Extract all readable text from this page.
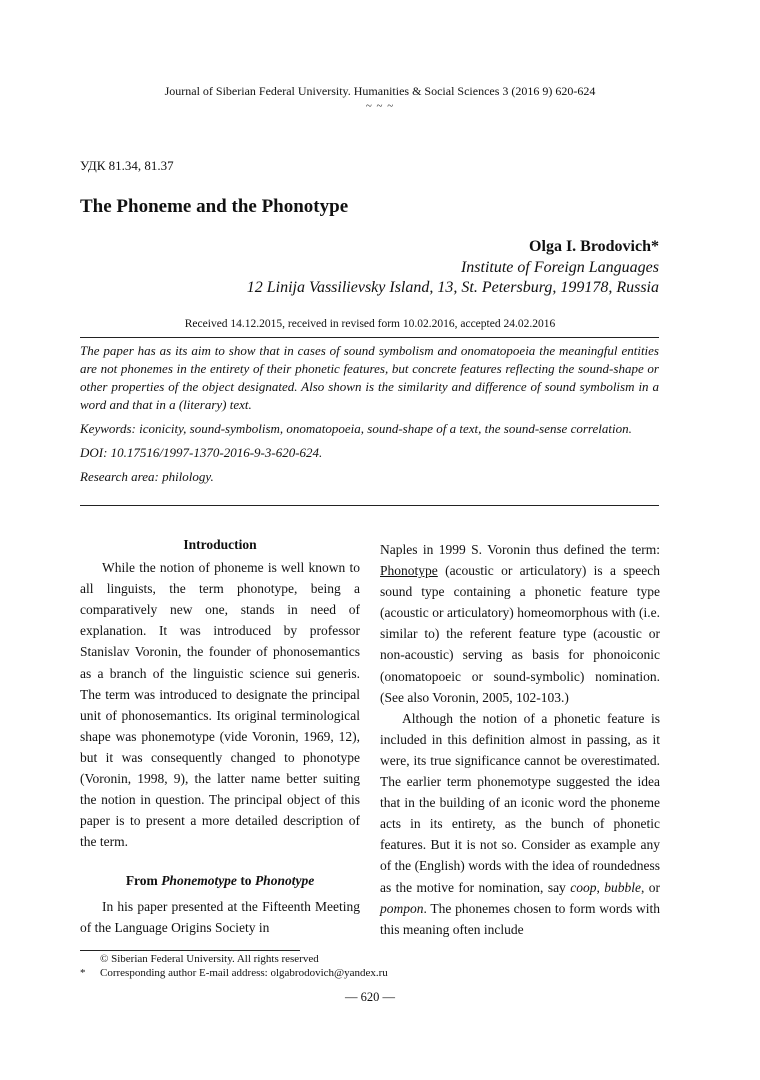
Journal of Siberian Federal University. Humanities & Social Sciences 3 (2016 9) 620-624
~ ~ ~
УДК 81.34, 81.37
The Phoneme and the Phonotype
Olga I. Brodovich*
Institute of Foreign Languages
12 Linija Vassilievsky Island, 13, St. Petersburg, 199178, Russia
Received 14.12.2015, received in revised form 10.02.2016, accepted 24.02.2016

The paper has as its aim to show that in cases of sound symbolism and onomatopoeia the meaningful entities are not phonemes in the entirety of their phonetic features, but concrete features reflecting the sound-shape or other properties of the object designated. Also shown is the similarity and difference of sound symbolism in a word and that in a (literary) text.

Keywords: iconicity, sound-symbolism, onomatopoeia, sound-shape of a text, the sound-sense correlation.

DOI: 10.17516/1997-1370-2016-9-3-620-624.

Research area: philology.

Introduction

While the notion of phoneme is well known to all linguists, the term phonotype, being a comparatively new one, stands in need of explanation. It was introduced by professor Stanislav Voronin, the founder of phonosemantics as a branch of the linguistic science sui generis. The term was introduced to designate the principal unit of phonosemantics. Its original terminological shape was phonemotype (vide Voronin, 1969, 12), but it was consequently changed to phonotype (Voronin, 1998, 9), the latter name better suiting the notion in question. The principal object of this paper is to present a more detailed description of the term.

From Phonemotype to Phonotype

In his paper presented at the Fifteenth Meeting of the Language Origins Society in

Naples in 1999 S. Voronin thus defined the term: Phonotype (acoustic or articulatory) is a speech sound type containing a phonetic feature type (acoustic or articulatory) homeomorphous with (i.e. similar to) the referent feature type (acoustic or non-acoustic) serving as basis for phonoiconic (onomatopoeic or sound-symbolic) nomination. (See also Voronin, 2005, 102-103.)

Although the notion of a phonetic feature is included in this definition almost in passing, as it were, its true significance cannot be overestimated. The earlier term phonemotype suggested the idea that in the building of an iconic word the phoneme acts in its entirety, as the bunch of phonetic features. But it is not so. Consider as example any of the (English) words with the idea of roundedness as the motive for nomination, say coop, bubble, or pompon. The phonemes chosen to form words with this meaning often include

© Siberian Federal University. All rights reserved
* Corresponding author E-mail address: olgabrodovich@yandex.ru
— 620 —
